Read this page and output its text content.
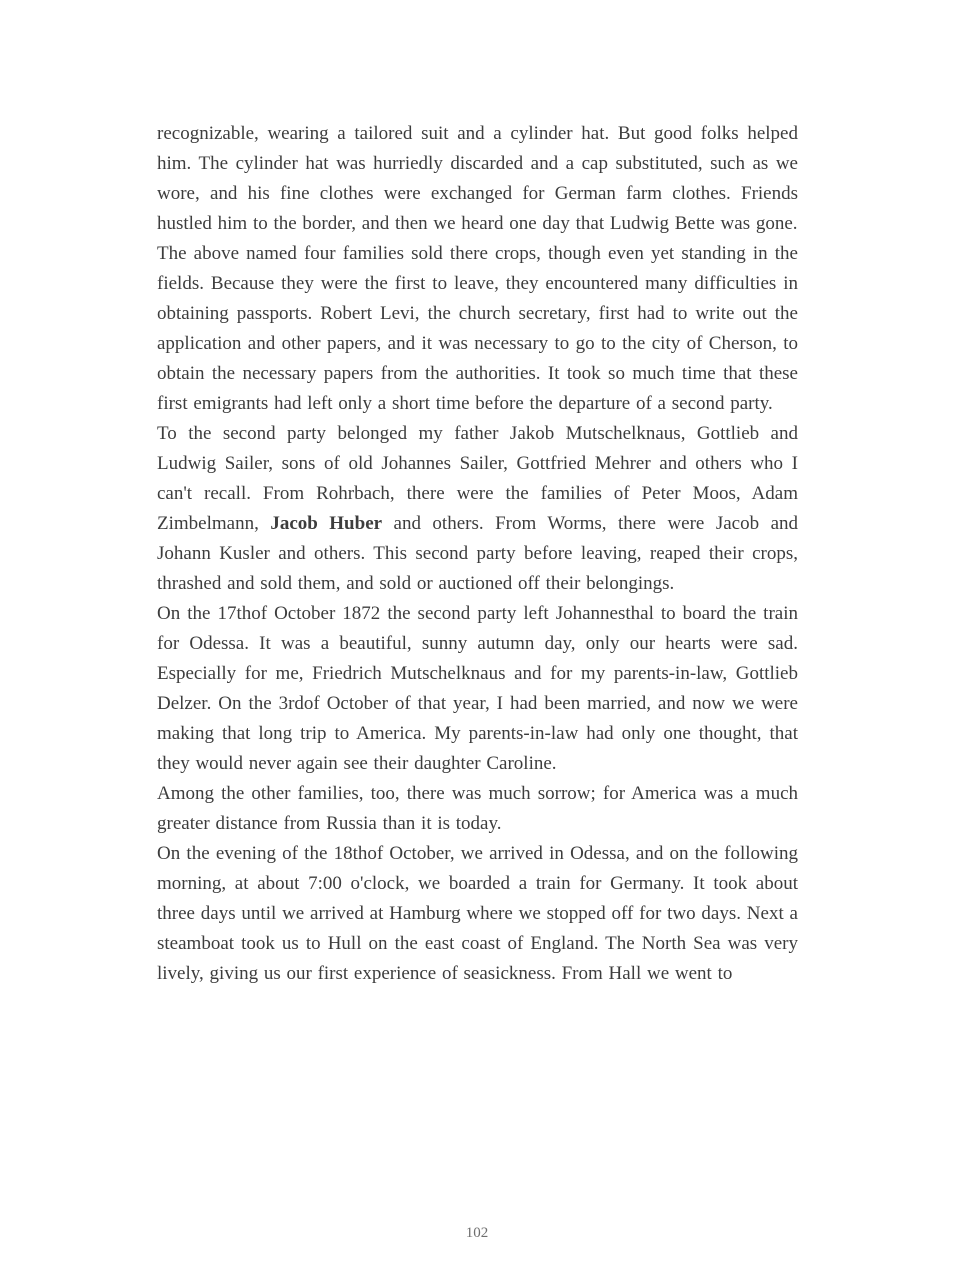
recognizable, wearing a tailored suit and a cylinder hat. But good folks helped him. The cylinder hat was hurriedly discarded and a cap substituted, such as we wore, and his fine clothes were exchanged for German farm clothes. Friends hustled him to the border, and then we heard one day that Ludwig Bette was gone.

The above named four families sold there crops, though even yet standing in the fields. Because they were the first to leave, they encountered many difficulties in obtaining passports. Robert Levi, the church secretary, first had to write out the application and other papers, and it was necessary to go to the city of Cherson, to obtain the necessary papers from the authorities. It took so much time that these first emigrants had left only a short time before the departure of a second party.

To the second party belonged my father Jakob Mutschelknaus, Gottlieb and Ludwig Sailer, sons of old Johannes Sailer, Gottfried Mehrer and others who I can't recall. From Rohrbach, there were the families of Peter Moos, Adam Zimbelmann, Jacob Huber and others. From Worms, there were Jacob and Johann Kusler and others. This second party before leaving, reaped their crops, thrashed and sold them, and sold or auctioned off their belongings.

On the 17thof October 1872 the second party left Johannesthal to board the train for Odessa. It was a beautiful, sunny autumn day, only our hearts were sad. Especially for me, Friedrich Mutschelknaus and for my parents-in-law, Gottlieb Delzer. On the 3rdof October of that year, I had been married, and now we were making that long trip to America. My parents-in-law had only one thought, that they would never again see their daughter Caroline.

Among the other families, too, there was much sorrow; for America was a much greater distance from Russia than it is today.

On the evening of the 18thof October, we arrived in Odessa, and on the following morning, at about 7:00 o'clock, we boarded a train for Germany. It took about three days until we arrived at Hamburg where we stopped off for two days. Next a steamboat took us to Hull on the east coast of England. The North Sea was very lively, giving us our first experience of seasickness. From Hall we went to

102
